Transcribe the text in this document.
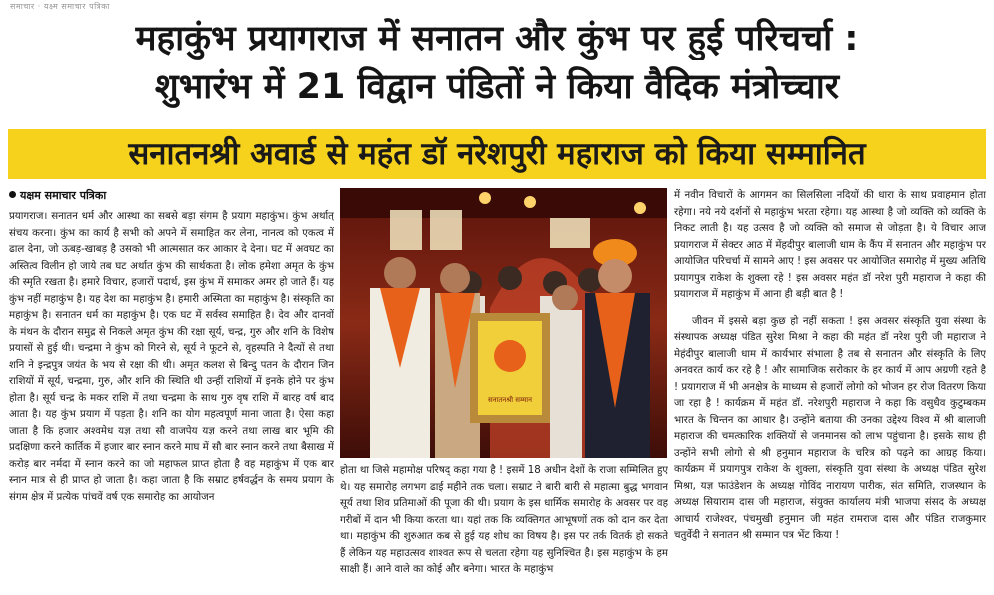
समाचार · यक्ष्म समाचार पत्रिका
महाकुंभ प्रयागराज में सनातन और कुंभ पर हुई परिचर्चा :
शुभारंभ में 21 विद्वान पंडितों ने किया वैदिक मंत्रोच्चार
सनातनश्री अवार्ड से महंत डॉ नरेशपुरी महाराज को किया सम्मानित
यक्षम समाचार पत्रिका

प्रयागराज। सनातन धर्म और आस्था का सबसे बड़ा संगम है प्रयाग महाकुंभ। कुंभ अर्थात् संचय करना। कुंभ का कार्य है सभी को अपने में समाहित कर लेना, नानत्व को एकत्व में ढाल देना, जो ऊबड़-खाबड़ है उसको भी आत्मसात कर आकार दे देना। घट में अवघट का अस्तित्व विलीन हो जाये तब घट अर्थात कुंभ की सार्थकता है। लोक हमेशा अमृत के कुंभ की स्मृति रखता है। हमारे विचार, हजारों पदार्थ, इस कुंभ में समाकर अमर हो जाते हैं। यह कुंभ नहीं महाकुंभ है। यह देश का महाकुंभ है। हमारी अस्मिता का महाकुंभ है। संस्कृति का महाकुंभ है। सनातन धर्म का महाकुंभ है। एक घट में सर्वस्व समाहित है। देव और दानवों के मंथन के दौरान समुद्र से निकले अमृत कुंभ की रक्षा सूर्य, चन्द्र, गुरु और शनि के विशेष प्रयासों से हुई थी। चन्द्रमा ने कुंभ को गिरने से, सूर्य ने फूटने से, वृहस्पति ने दैत्यों से तथा शनि ने इन्द्रपुत्र जयंत के भय से रक्षा की थी। अमृत कलश से बिन्दु पतन के दौरान जिन राशियों में सूर्य, चन्द्रमा, गुरु, और शनि की स्थिति थी उन्हीं राशियों में इनके होने पर कुंभ होता है। सूर्य चन्द्र के मकर राशि में तथा चन्द्रमा के साथ गुरु वृष राशि में बारह वर्ष बाद आता है। यह कुंभ प्रयाग में पड़ता है। शनि का योग महत्वपूर्ण माना जाता है। ऐसा कहा जाता है कि हजार अश्वमेध यज्ञ तथा सौ वाजपेय यज्ञ करने तथा लाख बार भूमि की प्रदक्षिणा करने कार्तिक में हजार बार स्नान करने माघ में सौ बार स्नान करने तथा बैसाख में करोड़ बार नर्मदा में स्नान करने का जो महाफल प्राप्त होता है वह महाकुंभ में एक बार स्नान मात्र से ही प्राप्त हो जाता है। कहा जाता है कि सम्राट हर्षवर्द्धन के समय प्रयाग के संगम क्षेत्र में प्रत्येक पांचवें वर्ष एक समारोह का आयोजन

सनातनश्री सम्मान

होता था जिसे महामोक्ष परिषद् कहा गया है ! इसमें 18 अधीन देशों के राजा सम्मिलित हुए थे। यह समारोह लगभग ढाई महीने तक चला। सम्राट ने बारी बारी से महात्मा बुद्ध भगवान सूर्य तथा शिव प्रतिमाओं की पूजा की थी। प्रयाग के इस धार्मिक समारोह के अवसर पर वह गरीबों में दान भी किया करता था। यहां तक कि व्यक्तिगत आभूषणों तक को दान कर देता था। महाकुंभ की शुरुआत कब से हुई यह शोध का विषय है। इस पर तर्क वितर्क हो सकते हैं लेकिन यह महाउत्सव शाश्वत रूप से चलता रहेगा यह सुनिश्चित है। इस महाकुंभ के हम साक्षी हैं। आने वाले का कोई और बनेगा। भारत के महाकुंभ

में नवीन विचारों के आगमन का सिलसिला नदियों की धारा के साथ प्रवाहमान होता रहेगा। नये नये दर्शनों से महाकुंभ भरता रहेगा। यह आस्था है जो व्यक्ति को व्यक्ति के निकट लाती है। यह उत्सव है जो व्यक्ति को समाज से जोड़ता है। ये विचार आज प्रयागराज में सेक्टर आठ में मेंहदीपुर बालाजी धाम के कैंप में सनातन और महाकुंभ पर आयोजित परिचर्चा में सामने आए ! इस अवसर पर आयोजित समारोह में मुख्य अतिथि प्रयागपुत्र राकेश के शुक्ला रहे ! इस अवसर महंत डॉ नरेश पुरी महाराज ने कहा की प्रयागराज में महाकुंभ में आना ही बड़ी बात है !

जीवन में इससे बड़ा कुछ हो नहीं सकता ! इस अवसर संस्कृति युवा संस्था के संस्थापक अध्यक्ष पंडित सुरेश मिश्रा ने कहा की महंत डॉ नरेश पुरी जी महाराज ने मेहंदीपुर बालाजी धाम में कार्यभार संभाला है तब से सनातन और संस्कृति के लिए अनवरत कार्य कर रहे है ! और सामाजिक सरोकार के हर कार्य में आप अग्रणी रहते है ! प्रयागराज में भी अनक्षेत्र के माध्यम से हजारों लोगो को भोजन हर रोज वितरण किया जा रहा है ! कार्यक्रम में महंत डॉ. नरेशपुरी महाराज ने कहा कि वसुधैव कुटुम्बकम भारत के चिन्तन का आधार है। उन्होंने बताया की उनका उद्देश्य विश्व में श्री बालाजी महाराज की चमत्कारिक शक्तियों से जनमानस को लाभ पहुंचाना है। इसके साथ ही उन्होंने सभी लोगो से श्री हनुमान महाराज के चरित्र को पढ़ने का आग्रह किया। कार्यक्रम में प्रयागपुत्र राकेश के शुक्ला, संस्कृति युवा संस्था के अध्यक्ष पंडित सुरेश मिश्रा, यज्ञ फाउंडेशन के अध्यक्ष गोविंद नारायण पारीक, संत समिति, राजस्थान के अध्यक्ष सियाराम दास जी महाराज, संयुक्त कार्यालय मंत्री भाजपा संसद के अध्यक्ष आचार्य राजेश्वर, पंचमुखी हनुमान जी महंत रामराज दास और पंडित राजकुमार चतुर्वेदी ने सनातन श्री सम्मान पत्र भेंट किया !
